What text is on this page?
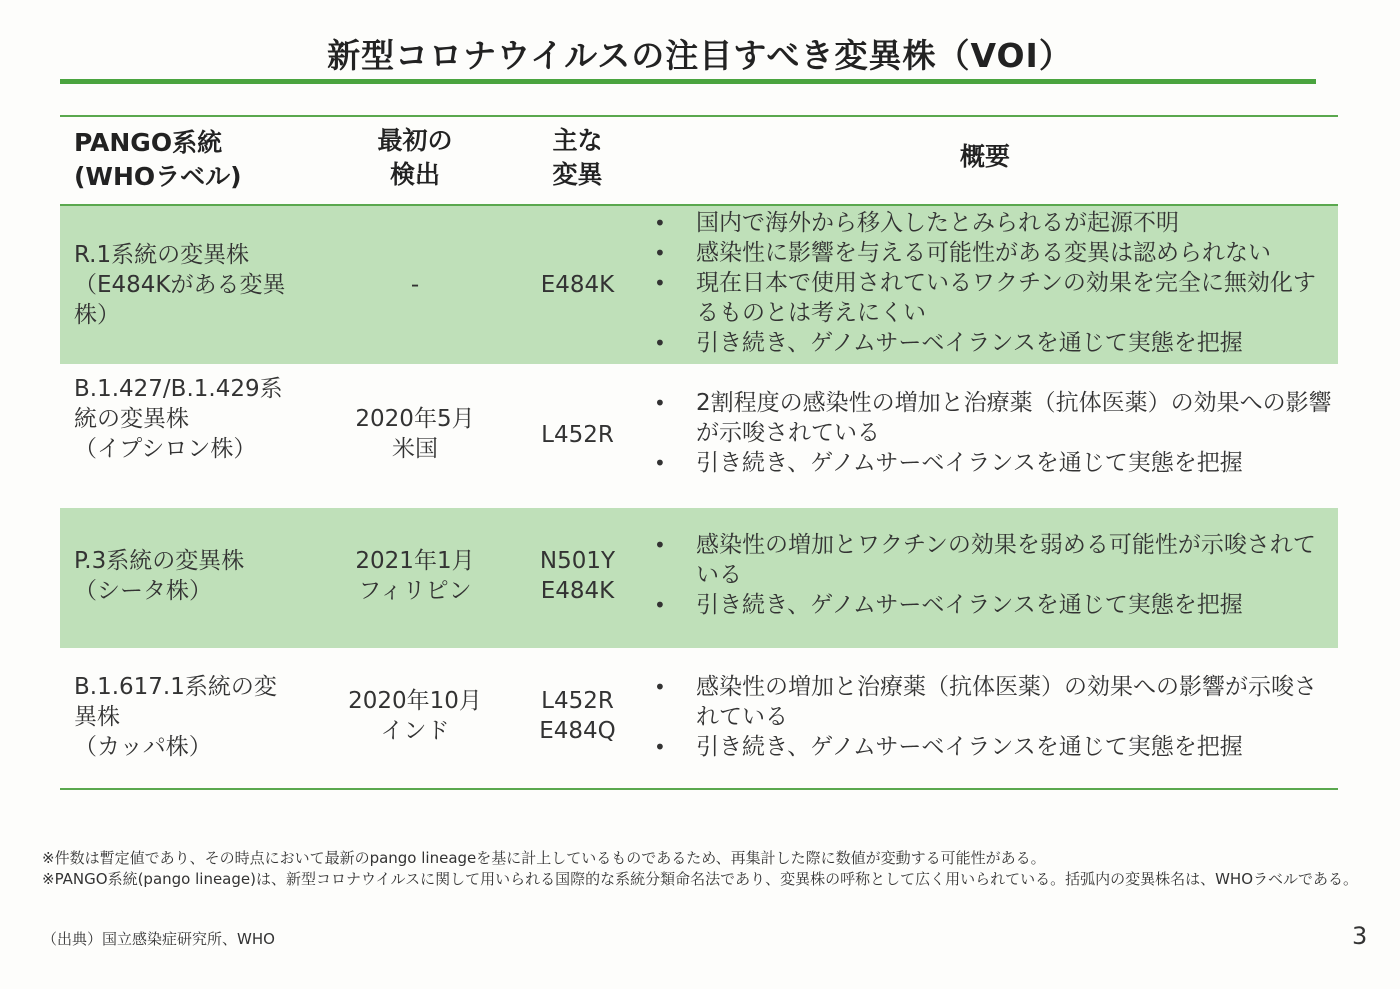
新型コロナウイルスの注目すべき変異株（VOI）
PANGO系統
(WHOラベル)
最初の
検出
主な
変異
概要
R.1系統の変異株
（E484Kがある変異
株）
-	E484K
• 国内で海外から移入したとみられるが起源不明
• 感染性に影響を与える可能性がある変異は認められない
• 現在日本で使用されているワクチンの効果を完全に無効化するものとは考えにくい
• 引き続き、ゲノムサーベイランスを通じて実態を把握
B.1.427/B.1.429系
統の変異株
（イプシロン株）
2020年5月
米国
L452R
• 2割程度の感染性の増加と治療薬（抗体医薬）の効果への影響が示唆されている
• 引き続き、ゲノムサーベイランスを通じて実態を把握
P.3系統の変異株
（シータ株）
2021年1月
フィリピン
N501Y
E484K
• 感染性の増加とワクチンの効果を弱める可能性が示唆されている
• 引き続き、ゲノムサーベイランスを通じて実態を把握
B.1.617.1系統の変
異株
（カッパ株）
2020年10月
インド
L452R
E484Q
• 感染性の増加と治療薬（抗体医薬）の効果への影響が示唆されている
• 引き続き、ゲノムサーベイランスを通じて実態を把握
※件数は暫定値であり、その時点において最新のpango lineageを基に計上しているものであるため、再集計した際に数値が変動する可能性がある。
※PANGO系統(pango lineage)は、新型コロナウイルスに関して用いられる国際的な系統分類命名法であり、変異株の呼称として広く用いられている。括弧内の変異株名は、WHOラベルである。
（出典）国立感染症研究所、WHO	3
